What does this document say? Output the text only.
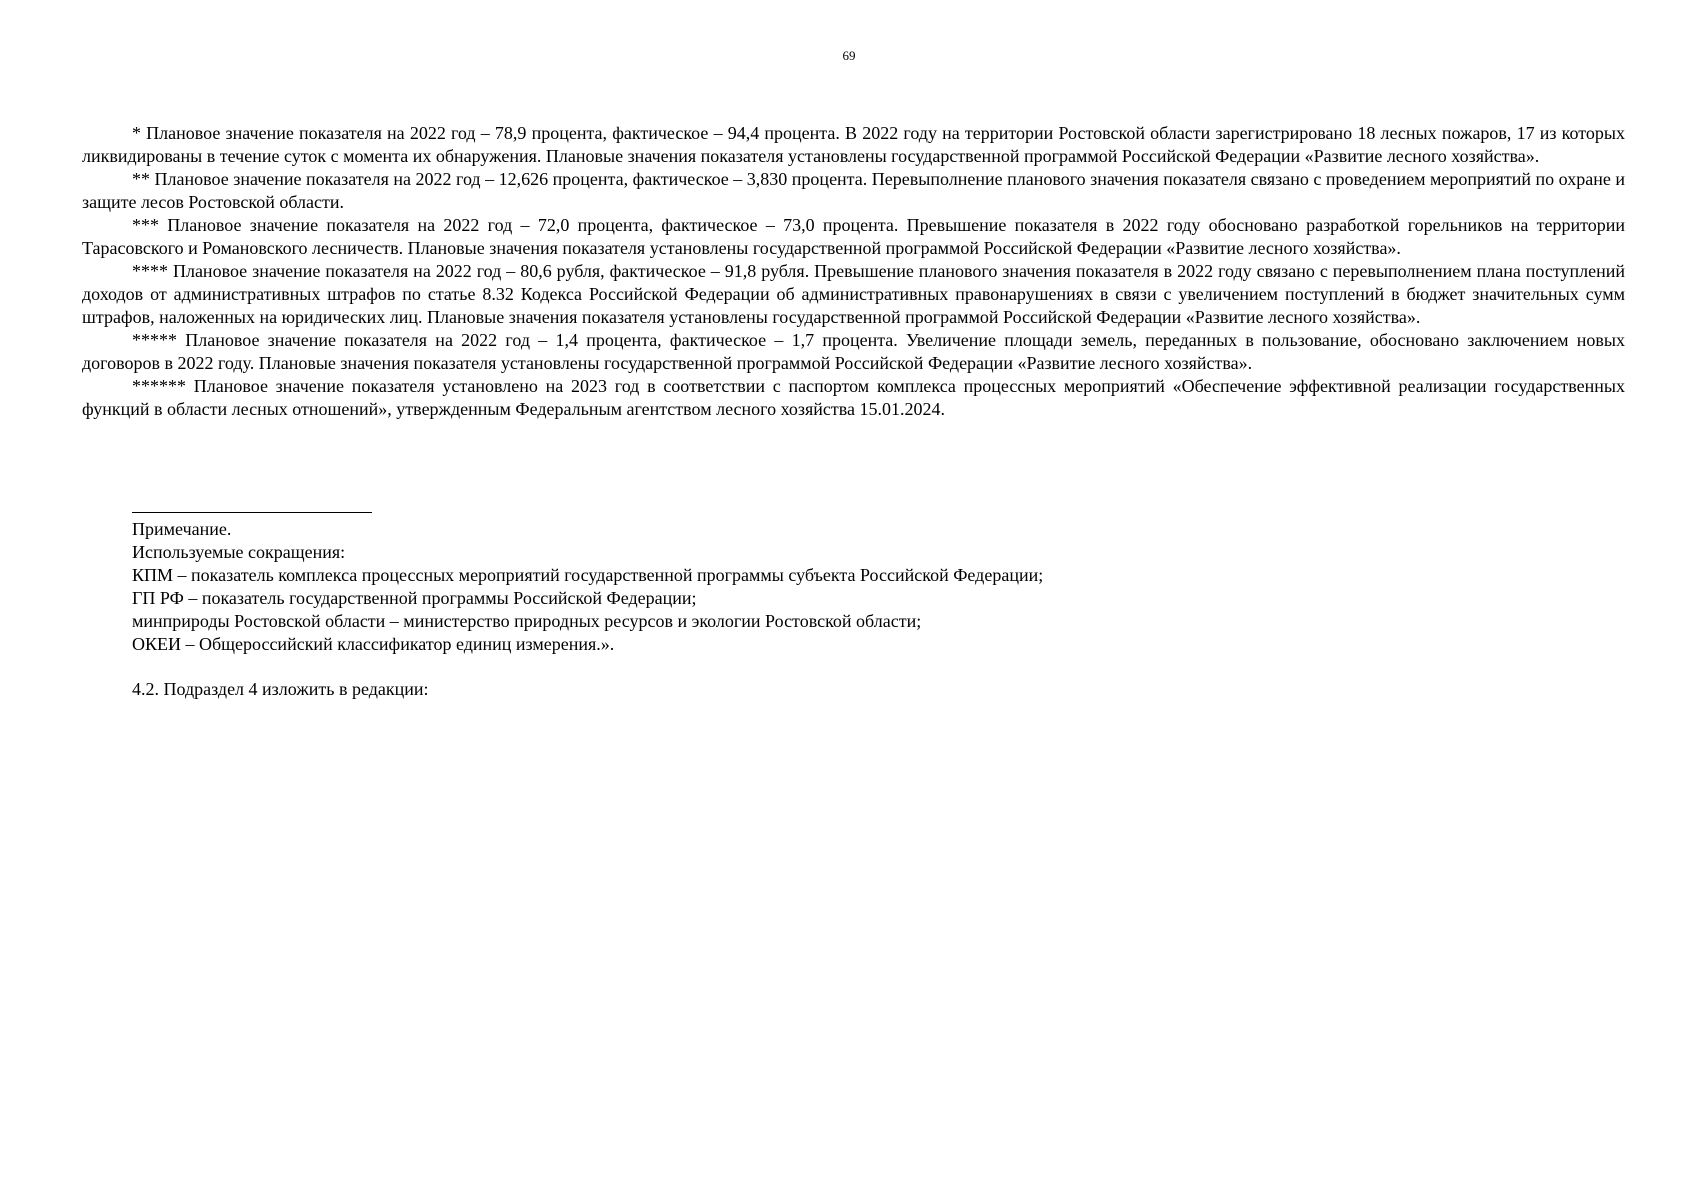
69

* Плановое значение показателя на 2022 год – 78,9 процента, фактическое – 94,4 процента. В 2022 году на территории Ростовской области зарегистрировано 18 лесных пожаров, 17 из которых ликвидированы в течение суток с момента их обнаружения. Плановые значения показателя установлены государственной программой Российской Федерации «Развитие лесного хозяйства».

** Плановое значение показателя на 2022 год – 12,626 процента, фактическое – 3,830 процента. Перевыполнение планового значения показателя связано с проведением мероприятий по охране и защите лесов Ростовской области.

*** Плановое значение показателя на 2022 год – 72,0 процента, фактическое – 73,0 процента. Превышение показателя в 2022 году обосновано разработкой горельников на территории Тарасовского и Романовского лесничеств. Плановые значения показателя установлены государственной программой Российской Федерации «Развитие лесного хозяйства».

**** Плановое значение показателя на 2022 год – 80,6 рубля, фактическое – 91,8 рубля. Превышение планового значения показателя в 2022 году связано с перевыполнением плана поступлений доходов от административных штрафов по статье 8.32 Кодекса Российской Федерации об административных правонарушениях в связи с увеличением поступлений в бюджет значительных сумм штрафов, наложенных на юридических лиц. Плановые значения показателя установлены государственной программой Российской Федерации «Развитие лесного хозяйства».

***** Плановое значение показателя на 2022 год – 1,4 процента, фактическое – 1,7 процента. Увеличение площади земель, переданных в пользование, обосновано заключением новых договоров в 2022 году. Плановые значения показателя установлены государственной программой Российской Федерации «Развитие лесного хозяйства».

****** Плановое значение показателя установлено на 2023 год в соответствии с паспортом комплекса процессных мероприятий «Обеспечение эффективной реализации государственных функций в области лесных отношений», утвержденным Федеральным агентством лесного хозяйства 15.01.2024.

Примечание.

Используемые сокращения:

КПМ – показатель комплекса процессных мероприятий государственной программы субъекта Российской Федерации;

ГП РФ – показатель государственной программы Российской Федерации;

минприроды Ростовской области – министерство природных ресурсов и экологии Ростовской области;

ОКЕИ – Общероссийский классификатор единиц измерения.».

4.2. Подраздел 4 изложить в редакции:
